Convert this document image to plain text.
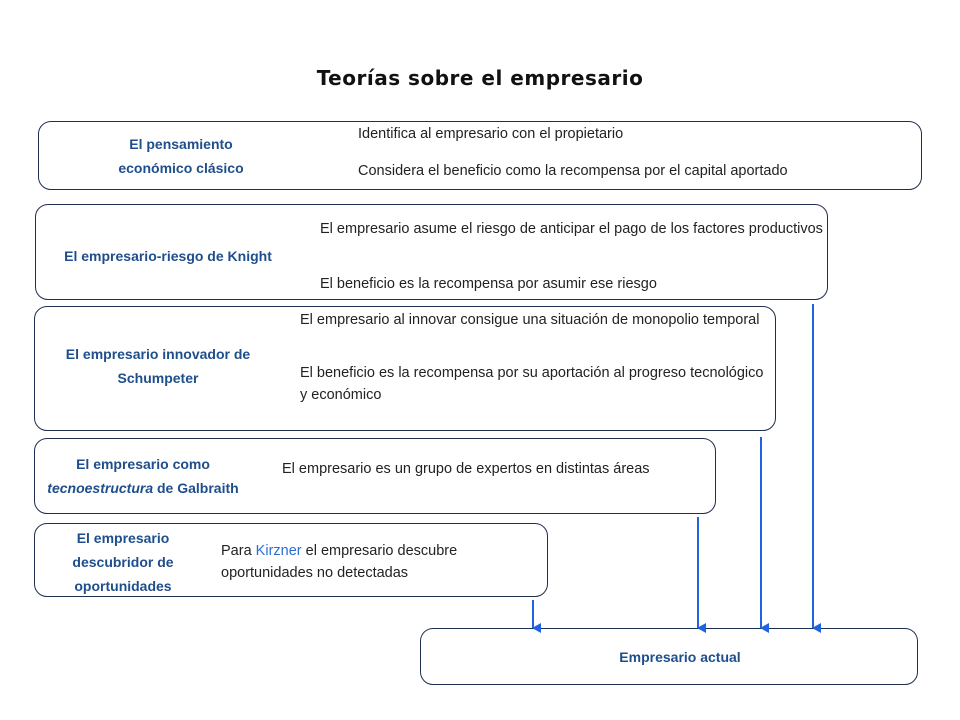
Teorías sobre el empresario
El pensamiento
económico clásico
Identifica al empresario con el propietario
Considera el beneficio como la recompensa por el capital aportado
El empresario-riesgo de Knight
El empresario asume el riesgo de anticipar el pago de los factores productivos
El beneficio es la recompensa por asumir ese riesgo
El empresario innovador de
Schumpeter
El empresario al innovar consigue una situación de monopolio temporal
El beneficio es la recompensa por su aportación al progreso tecnológico y económico
El empresario como
tecnoestructura de Galbraith
El empresario es un grupo de expertos en distintas áreas
El empresario
descubridor de
oportunidades
Para Kirzner el empresario descubre oportunidades no detectadas
Empresario actual
